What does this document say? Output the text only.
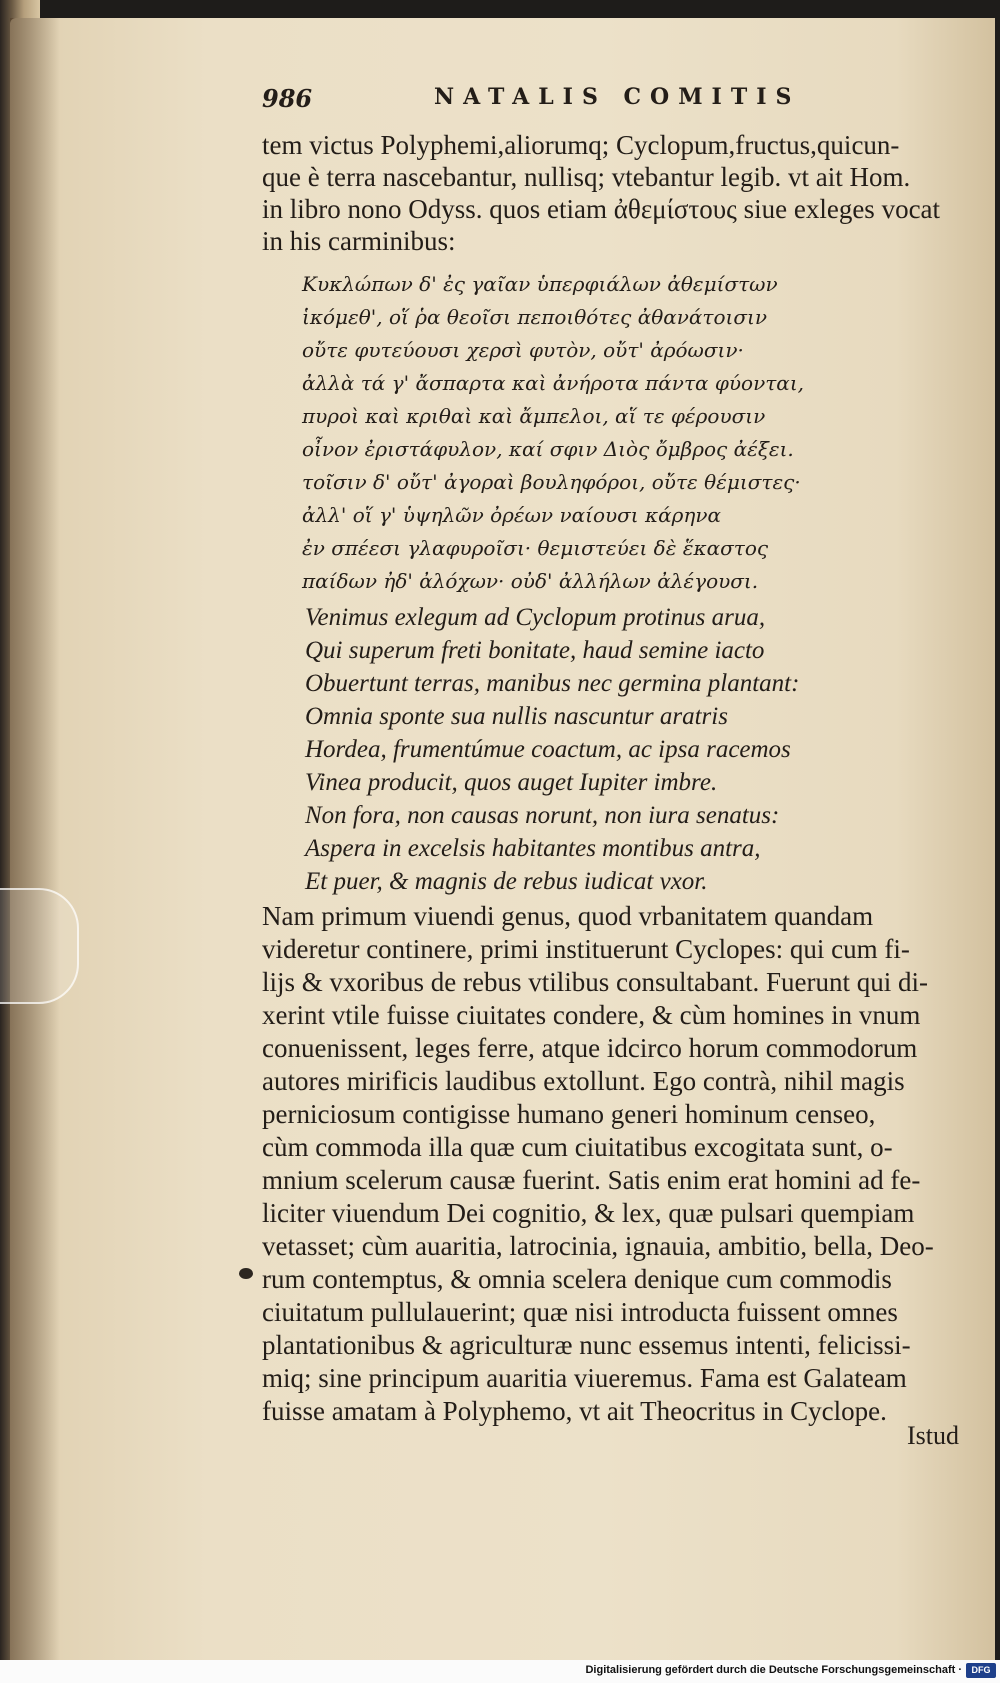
986	NATALIS COMITIS
tem victus Polyphemi,aliorumq; Cyclopum,fructus,quicun-
que è terra nascebantur, nullisq; vtebantur legib. vt ait Hom.
in libro nono Odyss. quos etiam ἀθεμίστους siue exleges vocat
in his carminibus:
Κυκλώπων δ' ἐς γαῖαν ὑπερφιάλων ἀθεμίστων
ἱκόμεθ', οἵ ῥα θεοῖσι πεποιθότες ἀθανάτοισιν
οὔτε φυτεύουσι χερσὶ φυτὸν, οὔτ' ἀρόωσιν·
ἀλλὰ τά γ' ἄσπαρτα καὶ ἀνήροτα πάντα φύονται,
πυροὶ καὶ κριθαὶ καὶ ἄμπελοι, αἵ τε φέρουσιν
οἶνον ἐριστάφυλον, καί σφιν Διὸς ὄμβρος ἀέξει.
τοῖσιν δ' οὔτ' ἀγοραὶ βουληφόροι, οὔτε θέμιστες·
ἀλλ' οἵ γ' ὑψηλῶν ὀρέων ναίουσι κάρηνα
ἐν σπέεσι γλαφυροῖσι· θεμιστεύει δὲ ἕκαστος
παίδων ἠδ' ἀλόχων· οὐδ' ἀλλήλων ἀλέγουσι.
Venimus exlegum ad Cyclopum protinus arua,
Qui superum freti bonitate, haud semine iacto
Obuertunt terras, manibus nec germina plantant:
Omnia sponte sua nullis nascuntur aratris
Hordea, frumentúmue coactum, ac ipsa racemos
Vinea producit, quos auget Iupiter imbre.
Non fora, non causas norunt, non iura senatus:
Aspera in excelsis habitantes montibus antra,
Et puer, & magnis de rebus iudicat vxor.
Nam primum viuendi genus, quod vrbanitatem quandam
videretur continere, primi instituerunt Cyclopes: qui cum fi-
lijs & vxoribus de rebus vtilibus consultabant. Fuerunt qui di-
xerint vtile fuisse ciuitates condere, & cùm homines in vnum
conuenissent, leges ferre, atque idcirco horum commodorum
autores mirificis laudibus extollunt. Ego contrà, nihil magis
perniciosum contigisse humano generi hominum censeo,
cùm commoda illa quæ cum ciuitatibus excogitata sunt, o-
mnium scelerum causæ fuerint. Satis enim erat homini ad fe-
liciter viuendum Dei cognitio, & lex, quæ pulsari quempiam
vetasset; cùm auaritia, latrocinia, ignauia, ambitio, bella, Deo-
rum contemptus, & omnia scelera denique cum commodis
ciuitatum pullulauerint; quæ nisi introducta fuissent omnes
plantationibus & agriculturæ nunc essemus intenti, felicissi-
miq; sine principum auaritia viueremus. Fama est Galateam
fuisse amatam à Polyphemo, vt ait Theocritus in Cyclope.
Istud
Digitalisierung gefördert durch die Deutsche Forschungsgemeinschaft ·	DFG
